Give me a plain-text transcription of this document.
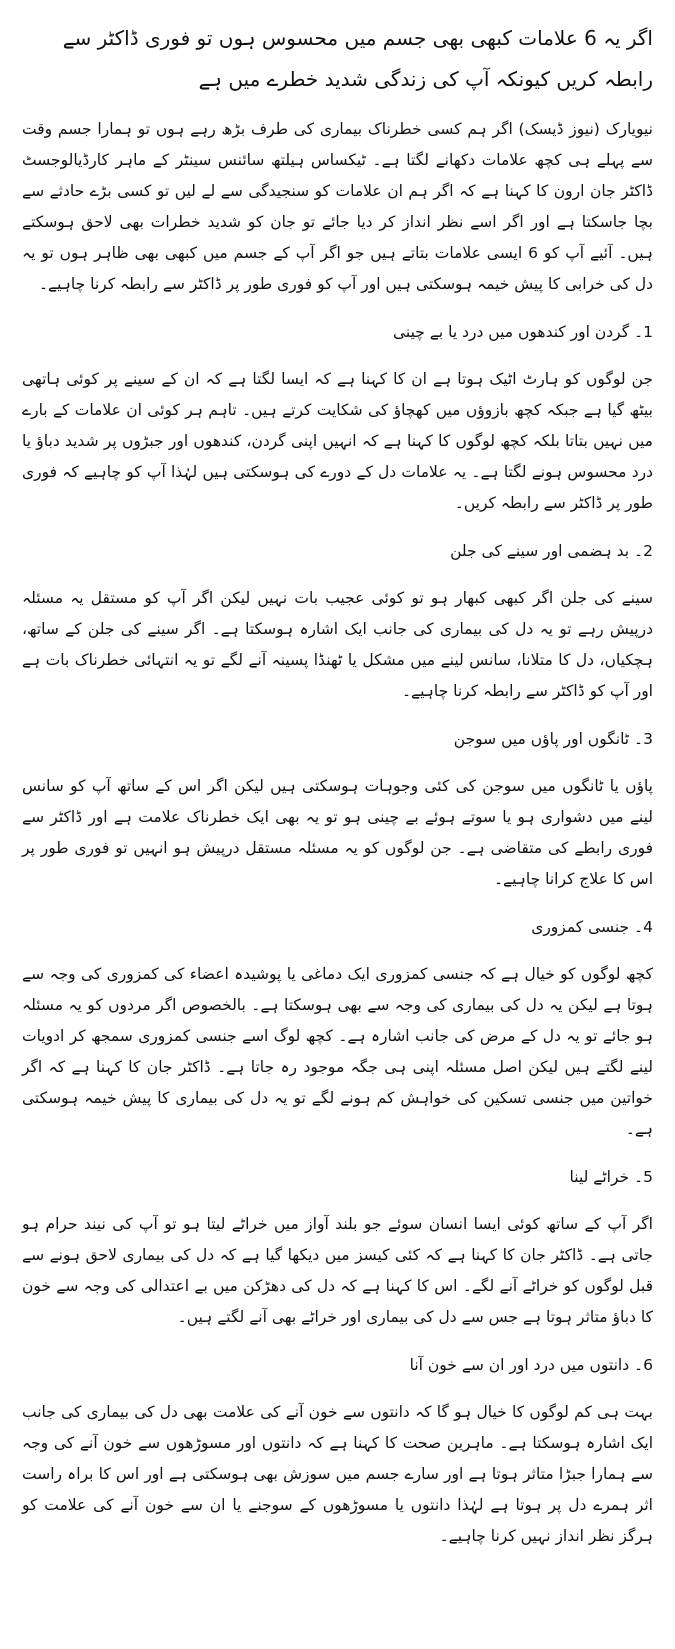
اگر یہ 6 علامات کبھی بھی جسم میں محسوس ہوں تو فوری ڈاکٹر سے رابطہ کریں کیونکہ آپ کی زندگی شدید خطرے میں ہے

نیویارک (نیوز ڈیسک) اگر ہم کسی خطرناک بیماری کی طرف بڑھ رہے ہوں تو ہمارا جسم وقت سے پہلے ہی کچھ علامات دکھانے لگتا ہے۔ ٹیکساس ہیلتھ سائنس سینٹر کے ماہر کارڈیالوجسٹ ڈاکٹر جان ارون کا کہنا ہے کہ اگر ہم ان علامات کو سنجیدگی سے لے لیں تو کسی بڑے حادثے سے بچا جاسکتا ہے اور اگر اسے نظر انداز کر دیا جائے تو جان کو شدید خطرات بھی لاحق ہوسکتے ہیں۔ آئیے آپ کو 6 ایسی علامات بتاتے ہیں جو اگر آپ کے جسم میں کبھی بھی ظاہر ہوں تو یہ دل کی خرابی کا پیش خیمہ ہوسکتی ہیں اور آپ کو فوری طور پر ڈاکٹر سے رابطہ کرنا چاہیے۔

1۔ گردن اور کندھوں میں درد یا بے چینی

جن لوگوں کو ہارٹ اٹیک ہوتا ہے ان کا کہنا ہے کہ ایسا لگتا ہے کہ ان کے سینے پر کوئی ہاتھی بیٹھ گیا ہے جبکہ کچھ بازوؤں میں کھچاؤ کی شکایت کرتے ہیں۔ تاہم ہر کوئی ان علامات کے بارے میں نہیں بتاتا بلکہ کچھ لوگوں کا کہنا ہے کہ انہیں اپنی گردن، کندھوں اور جبڑوں پر شدید دباؤ یا درد محسوس ہونے لگتا ہے۔ یہ علامات دل کے دورے کی ہوسکتی ہیں لہٰذا آپ کو چاہیے کہ فوری طور پر ڈاکٹر سے رابطہ کریں۔

2۔ بد ہضمی اور سینے کی جلن

سینے کی جلن اگر کبھی کبھار ہو تو کوئی عجیب بات نہیں لیکن اگر آپ کو مستقل یہ مسئلہ درپیش رہے تو یہ دل کی بیماری کی جانب ایک اشارہ ہوسکتا ہے۔ اگر سینے کی جلن کے ساتھ، ہچکیاں، دل کا متلانا، سانس لینے میں مشکل یا ٹھنڈا پسینہ آنے لگے تو یہ انتہائی خطرناک بات ہے اور آپ کو ڈاکٹر سے رابطہ کرنا چاہیے۔

3۔ ٹانگوں اور پاؤں میں سوجن

پاؤں یا ٹانگوں میں سوجن کی کئی وجوہات ہوسکتی ہیں لیکن اگر اس کے ساتھ آپ کو سانس لینے میں دشواری ہو یا سوتے ہوئے بے چینی ہو تو یہ بھی ایک خطرناک علامت ہے اور ڈاکٹر سے فوری رابطے کی متقاضی ہے۔ جن لوگوں کو یہ مسئلہ مستقل درپیش ہو انہیں تو فوری طور پر اس کا علاج کرانا چاہیے۔

4۔ جنسی کمزوری

کچھ لوگوں کو خیال ہے کہ جنسی کمزوری ایک دماغی یا پوشیدہ اعضاء کی کمزوری کی وجہ سے ہوتا ہے لیکن یہ دل کی بیماری کی وجہ سے بھی ہوسکتا ہے۔ بالخصوص اگر مردوں کو یہ مسئلہ ہو جائے تو یہ دل کے مرض کی جانب اشارہ ہے۔ کچھ لوگ اسے جنسی کمزوری سمجھ کر ادویات لینے لگتے ہیں لیکن اصل مسئلہ اپنی ہی جگہ موجود رہ جاتا ہے۔ ڈاکٹر جان کا کہنا ہے کہ اگر خواتین میں جنسی تسکین کی خواہش کم ہونے لگے تو یہ دل کی بیماری کا پیش خیمہ ہوسکتی ہے۔

5۔ خراٹے لینا

اگر آپ کے ساتھ کوئی ایسا انسان سوئے جو بلند آواز میں خراٹے لیتا ہو تو آپ کی نیند حرام ہو جاتی ہے۔ ڈاکٹر جان کا کہنا ہے کہ کئی کیسز میں دیکھا گیا ہے کہ دل کی بیماری لاحق ہونے سے قبل لوگوں کو خراٹے آنے لگے۔ اس کا کہنا ہے کہ دل کی دھڑکن میں بے اعتدالی کی وجہ سے خون کا دباؤ متاثر ہوتا ہے جس سے دل کی بیماری اور خراٹے بھی آنے لگتے ہیں۔

6۔ دانتوں میں درد اور ان سے خون آنا

بہت ہی کم لوگوں کا خیال ہو گا کہ دانتوں سے خون آنے کی علامت بھی دل کی بیماری کی جانب ایک اشارہ ہوسکتا ہے۔ ماہرین صحت کا کہنا ہے کہ دانتوں اور مسوڑھوں سے خون آنے کی وجہ سے ہمارا جبڑا متاثر ہوتا ہے اور سارے جسم میں سوزش بھی ہوسکتی ہے اور اس کا براہ راست اثر ہمرے دل پر ہوتا ہے لہٰذا دانتوں یا مسوڑھوں کے سوجنے یا ان سے خون آنے کی علامت کو ہرگز نظر انداز نہیں کرنا چاہیے۔
